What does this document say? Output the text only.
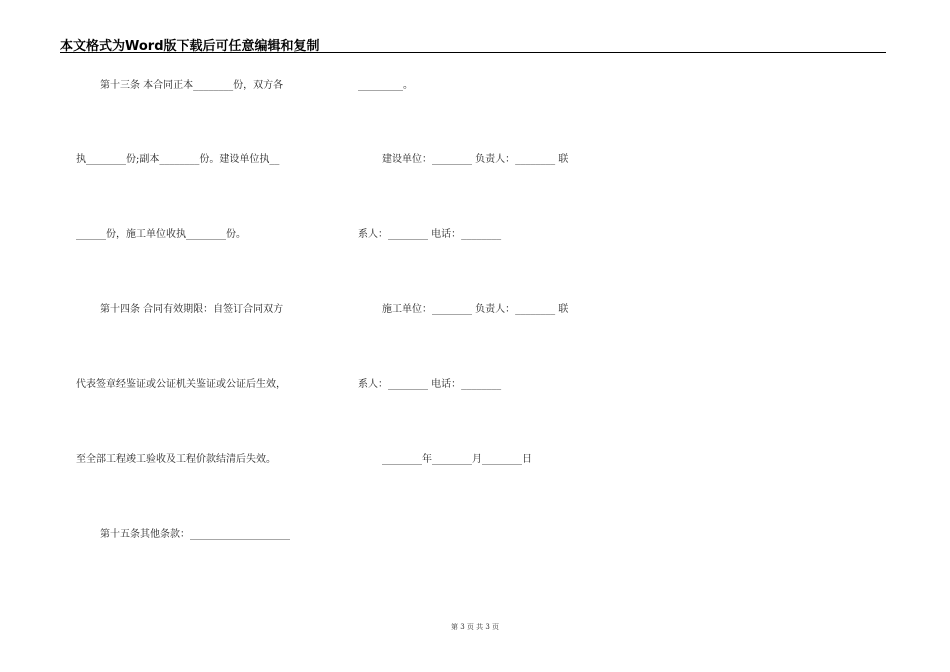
本文格式为Word版下载后可任意编辑和复制
第十三条 本合同正本________份，双方各
执________份;副本________份。建设单位执__
______份，施工单位收执________份。
第十四条 合同有效期限：自签订合同双方
代表签章经鉴证或公证机关鉴证或公证后生效，
至全部工程竣工验收及工程价款结清后失效。
第十五条其他条款：____________________
_________。
建设单位：________ 负责人：________ 联
系人：________ 电话：________
施工单位：________ 负责人：________ 联
系人：________ 电话：________
________年________月________日
第 3 页 共 3 页
